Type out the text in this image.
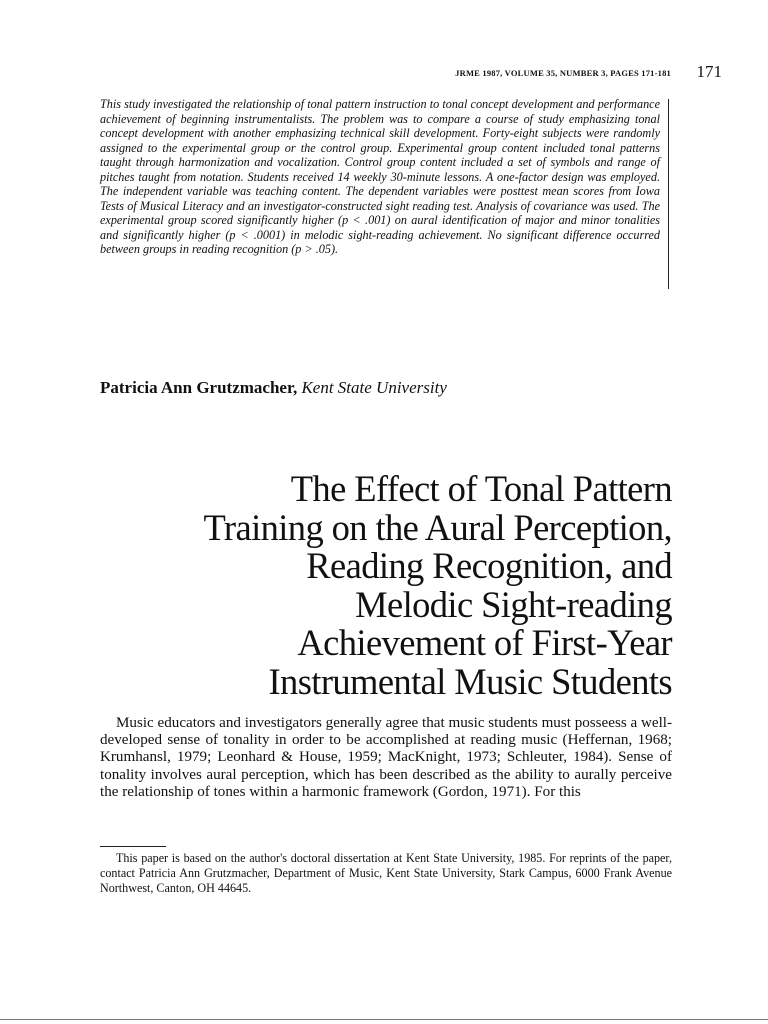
JRME 1987, VOLUME 35, NUMBER 3, PAGES 171-181 171
This study investigated the relationship of tonal pattern instruction to tonal concept development and performance achievement of beginning instrumentalists. The problem was to compare a course of study emphasizing tonal concept development with another emphasizing technical skill development. Forty-eight subjects were randomly assigned to the experimental group or the control group. Experimental group content included tonal patterns taught through harmonization and vocalization. Control group content included a set of symbols and range of pitches taught from notation. Students received 14 weekly 30-minute lessons. A one-factor design was employed. The independent variable was teaching content. The dependent variables were posttest mean scores from Iowa Tests of Musical Literacy and an investigator-constructed sight reading test. Analysis of covariance was used. The experimental group scored significantly higher (p < .001) on aural identification of major and minor tonalities and significantly higher (p < .0001) in melodic sight-reading achievement. No significant difference occurred between groups in reading recognition (p > .05).
Patricia Ann Grutzmacher, Kent State University
The Effect of Tonal Pattern
Training on the Aural Perception,
Reading Recognition, and
Melodic Sight-reading
Achievement of First-Year
Instrumental Music Students

Music educators and investigators generally agree that music students must posseess a well-developed sense of tonality in order to be accomplished at reading music (Heffernan, 1968; Krumhansl, 1979; Leonhard & House, 1959; MacKnight, 1973; Schleuter, 1984). Sense of tonality involves aural perception, which has been described as the ability to aurally perceive the relationship of tones within a harmonic framework (Gordon, 1971). For this

This paper is based on the author's doctoral dissertation at Kent State University, 1985. For reprints of the paper, contact Patricia Ann Grutzmacher, Department of Music, Kent State University, Stark Campus, 6000 Frank Avenue Northwest, Canton, OH 44645.
